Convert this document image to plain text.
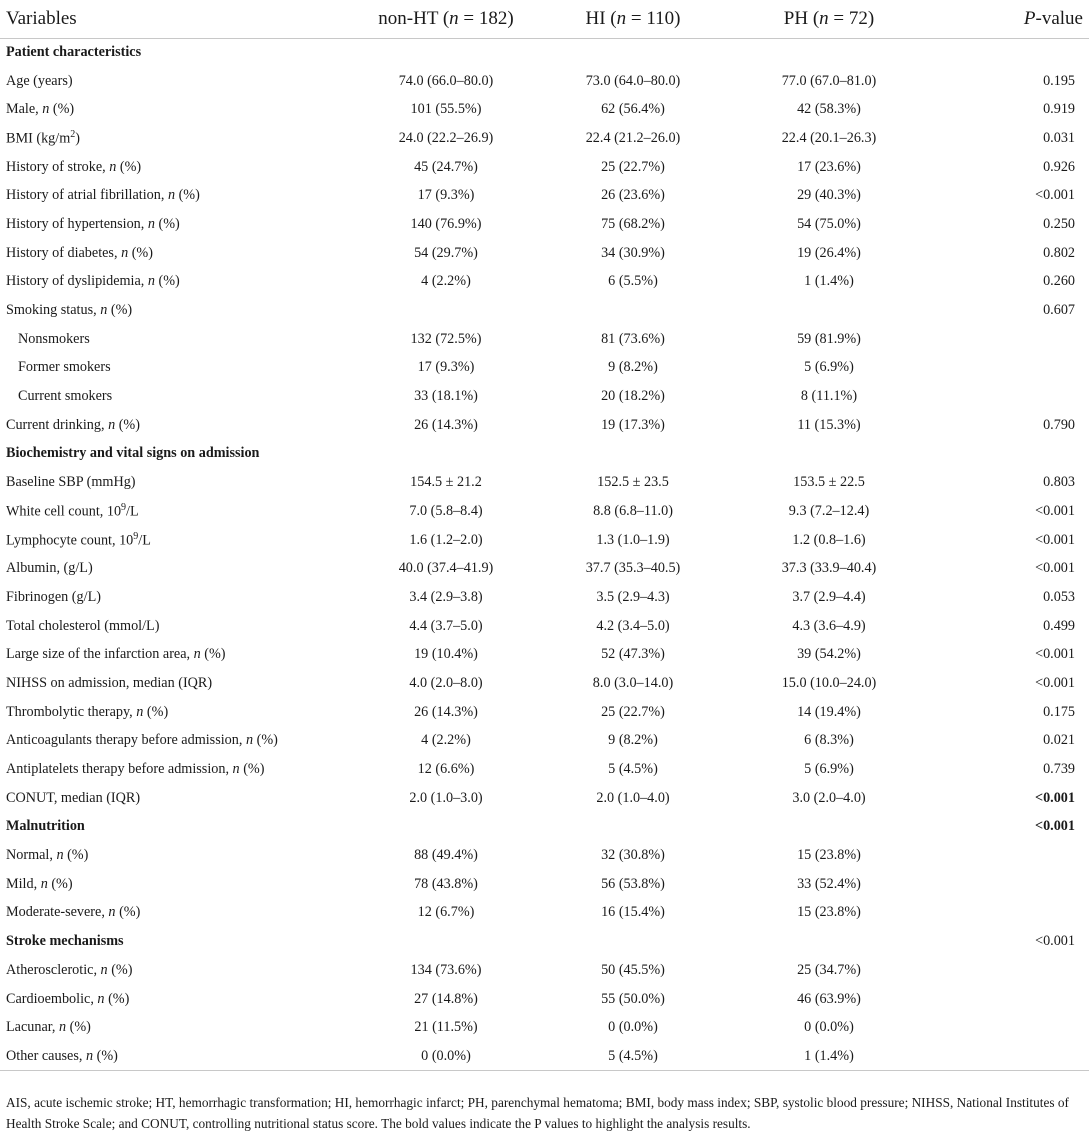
Variables	non-HT (n = 182)	HI (n = 110)	PH (n = 72)	P-value
Patient characteristics				
Age (years)	74.0 (66.0–80.0)	73.0 (64.0–80.0)	77.0 (67.0–81.0)	0.195
Male, n (%)	101 (55.5%)	62 (56.4%)	42 (58.3%)	0.919
BMI $(kg/m^2)$	24.0 (22.2–26.9)	22.4 (21.2–26.0)	22.4 (20.1–26.3)	0.031
History of stroke, n (%)	45 (24.7%)	25 (22.7%)	17 (23.6%)	0.926
History of atrial fibrillation, n (%)	17 (9.3%)	26 (23.6%)	29 (40.3%)	<0.001
History of hypertension, n (%)	140 (76.9%)	75 (68.2%)	54 (75.0%)	0.250
History of diabetes, n (%)	54 (29.7%)	34 (30.9%)	19 (26.4%)	0.802
History of dyslipidemia, n (%)	4 (2.2%)	6 (5.5%)	1 (1.4%)	0.260
Smoking status, n (%)				0.607
Nonsmokers	132 (72.5%)	81 (73.6%)	59 (81.9%)	
Former smokers	17 (9.3%)	9 (8.2%)	5 (6.9%)	
Current smokers	33 (18.1%)	20 (18.2%)	8 (11.1%)	
Current drinking, n (%)	26 (14.3%)	19 (17.3%)	11 (15.3%)	0.790
Biochemistry and vital signs on admission				
Baseline SBP (mmHg)	154.5 ± 21.2	152.5 ± 23.5	153.5 ± 22.5	0.803
White cell count, $10^9/L$	7.0 (5.8–8.4)	8.8 (6.8–11.0)	9.3 (7.2–12.4)	<0.001
Lymphocyte count, $10^9/L$	1.6 (1.2–2.0)	1.3 (1.0–1.9)	1.2 (0.8–1.6)	<0.001
Albumin, (g/L)	40.0 (37.4–41.9)	37.7 (35.3–40.5)	37.3 (33.9–40.4)	<0.001
Fibrinogen (g/L)	3.4 (2.9–3.8)	3.5 (2.9–4.3)	3.7 (2.9–4.4)	0.053
Total cholesterol (mmol/L)	4.4 (3.7–5.0)	4.2 (3.4–5.0)	4.3 (3.6–4.9)	0.499
Large size of the infarction area, n (%)	19 (10.4%)	52 (47.3%)	39 (54.2%)	<0.001
NIHSS on admission, median (IQR)	4.0 (2.0–8.0)	8.0 (3.0–14.0)	15.0 (10.0–24.0)	<0.001
Thrombolytic therapy, n (%)	26 (14.3%)	25 (22.7%)	14 (19.4%)	0.175
Anticoagulants therapy before admission, n (%)	4 (2.2%)	9 (8.2%)	6 (8.3%)	0.021
Antiplatelets therapy before admission, n (%)	12 (6.6%)	5 (4.5%)	5 (6.9%)	0.739
CONUT, median (IQR)	2.0 (1.0–3.0)	2.0 (1.0–4.0)	3.0 (2.0–4.0)	<0.001
Malnutrition				<0.001
Normal, n (%)	88 (49.4%)	32 (30.8%)	15 (23.8%)	
Mild, n (%)	78 (43.8%)	56 (53.8%)	33 (52.4%)	
Moderate-severe, n (%)	12 (6.7%)	16 (15.4%)	15 (23.8%)	
Stroke mechanisms				<0.001
Atherosclerotic, n (%)	134 (73.6%)	50 (45.5%)	25 (34.7%)	
Cardioembolic, n (%)	27 (14.8%)	55 (50.0%)	46 (63.9%)	
Lacunar, n (%)	21 (11.5%)	0 (0.0%)	0 (0.0%)	
Other causes, n (%)	0 (0.0%)	5 (4.5%)	1 (1.4%)	
AIS, acute ischemic stroke; HT, hemorrhagic transformation; HI, hemorrhagic infarct; PH, parenchymal hematoma; BMI, body mass index; SBP, systolic blood pressure; NIHSS, National Institutes of Health Stroke Scale; and CONUT, controlling nutritional status score. The bold values indicate the P values to highlight the analysis results.
